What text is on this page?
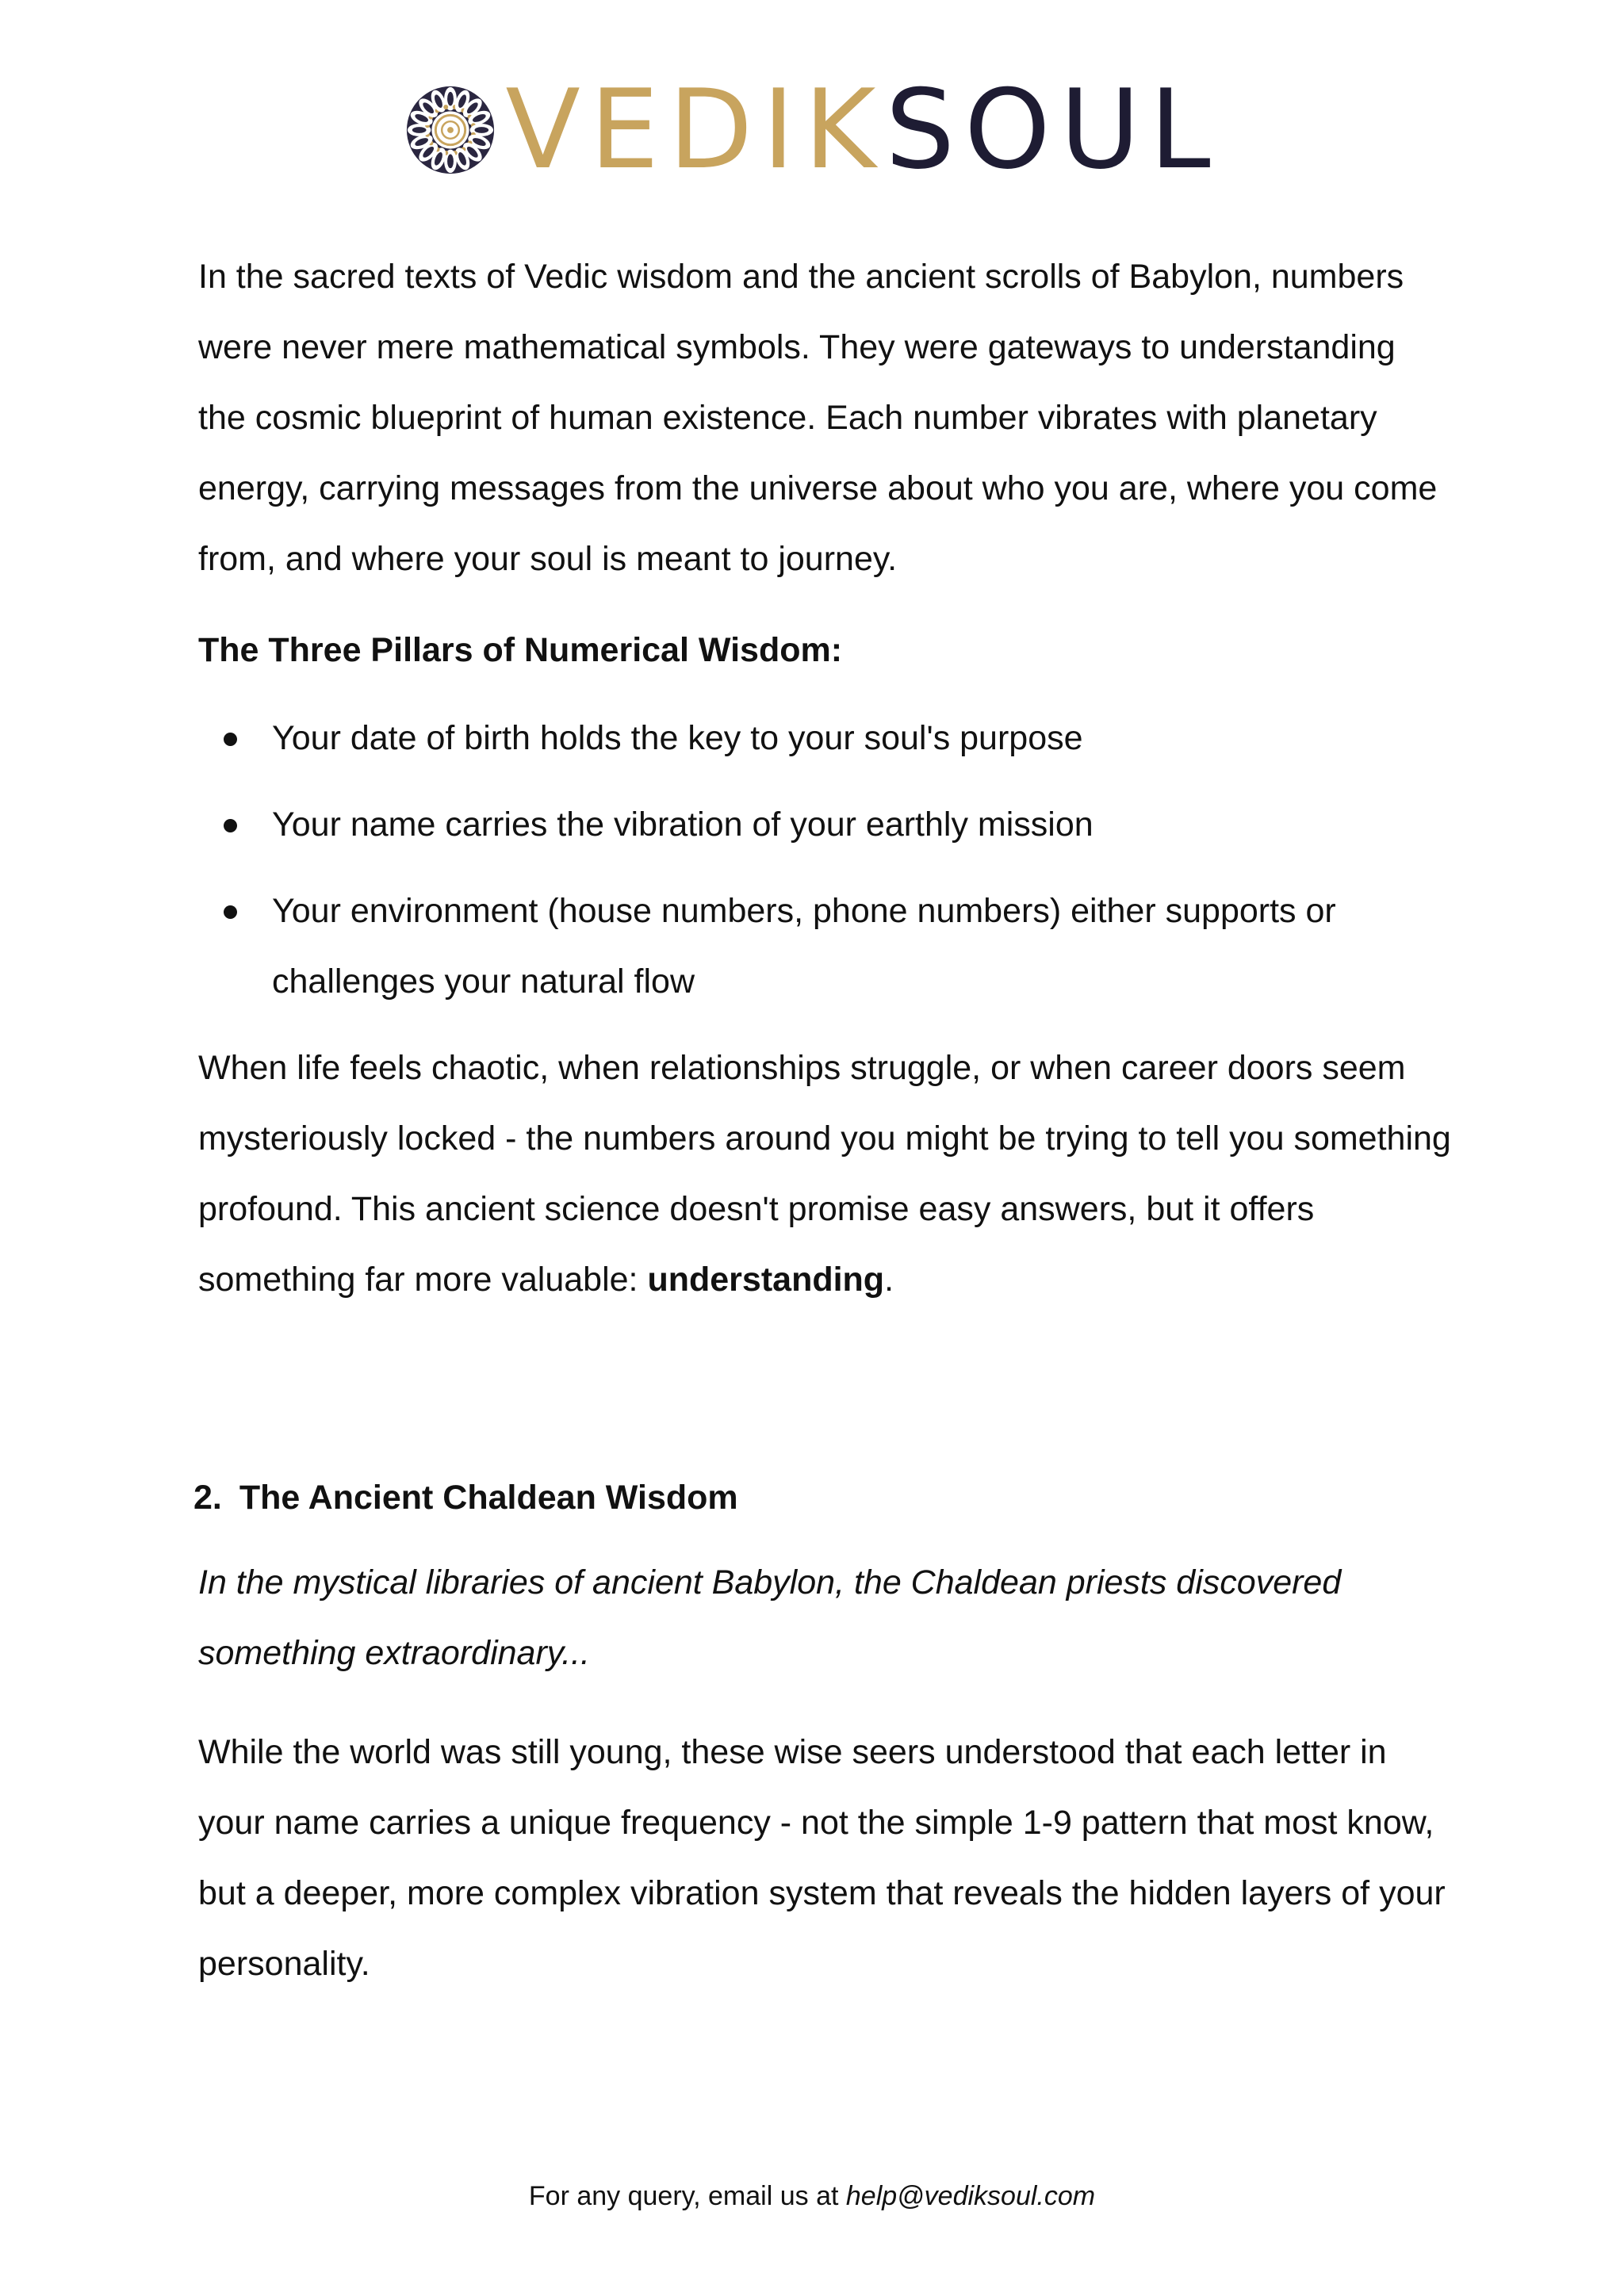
VEDIKSOUL

In the sacred texts of Vedic wisdom and the ancient scrolls of Babylon, numbers were never mere mathematical symbols. They were gateways to understanding the cosmic blueprint of human existence. Each number vibrates with planetary energy, carrying messages from the universe about who you are, where you come from, and where your soul is meant to journey.

The Three Pillars of Numerical Wisdom:

Your date of birth holds the key to your soul's purpose
Your name carries the vibration of your earthly mission
Your environment (house numbers, phone numbers) either supports or challenges your natural flow

When life feels chaotic, when relationships struggle, or when career doors seem mysteriously locked - the numbers around you might be trying to tell you something profound. This ancient science doesn't promise easy answers, but it offers something far more valuable: understanding.

2. The Ancient Chaldean Wisdom

In the mystical libraries of ancient Babylon, the Chaldean priests discovered something extraordinary...

While the world was still young, these wise seers understood that each letter in your name carries a unique frequency - not the simple 1-9 pattern that most know, but a deeper, more complex vibration system that reveals the hidden layers of your personality.

For any query, email us at help@vediksoul.com
